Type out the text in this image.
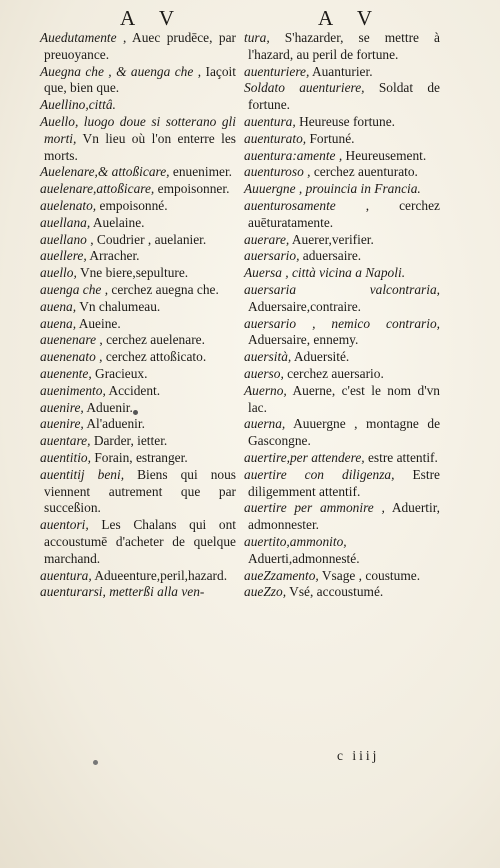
A V	A V

Auedutamente , Auec prudēce, par preuoyance.

Auegna che , & auenga che , Iaçoit que, bien que.

Auellino,cittâ.

Auello, luogo doue si sotterano gli morti, Vn lieu où l'on enterre les morts.

Auelenare,& attoßicare, enuenimer.

auelenare,attoßicare, empoisonner.

auelenato, empoisonné.

auellana, Auelaine.

auellano , Coudrier , auelanier.

auellere, Arracher.

auello, Vne biere,sepulture.

auenga che , cerchez auegna che.

auena, Vn chalumeau.

auena, Aueine.

auenenare , cerchez auelenare.

auenenato , cerchez attoßicato.

auenente, Gracieux.

auenimento, Accident.

auenire, Aduenir.

auenire, Al'aduenir.

auentare, Darder, ietter.

auentitio, Forain, estranger.

auentitij beni, Biens qui nous viennent autrement que par succeßion.

auentori, Les Chalans qui ont accoustumē d'acheter de quelque marchand.

auentura, Adueenture,peril,hazard.

auenturarsi, metterßi alla ven-

tura, S'hazarder, se mettre à l'hazard, au peril de fortune.

auenturiere, Auanturier.

Soldato auenturiere, Soldat de fortune.

auentura, Heureuse fortune.

auenturato, Fortuné.

auentura:amente , Heureusement.

auenturoso , cerchez auenturato.

Auuergne , prouincia in Francia.

auenturosamente , cerchez auēturatamente.

auerare, Auerer,verifier.

auersario, aduersaire.

Auersa , città vicina a Napoli.

auersaria valcontraria, Aduersaire,contraire.

auersario , nemico contrario, Aduersaire, ennemy.

auersità, Aduersité.

auerso, cerchez auersario.

Auerno, Auerne, c'est le nom d'vn lac.

auerna, Auuergne , montagne de Gascongne.

auertire,per attendere, estre attentif.

auertire con diligenza, Estre diligemment attentif.

auertire per ammonire , Aduertir, admonnester.

auertito,ammonito, Aduerti,admonnesté.

aueZzamento, Vsage , coustume.

aueZzo, Vsé, accoustumé.

c iiij
